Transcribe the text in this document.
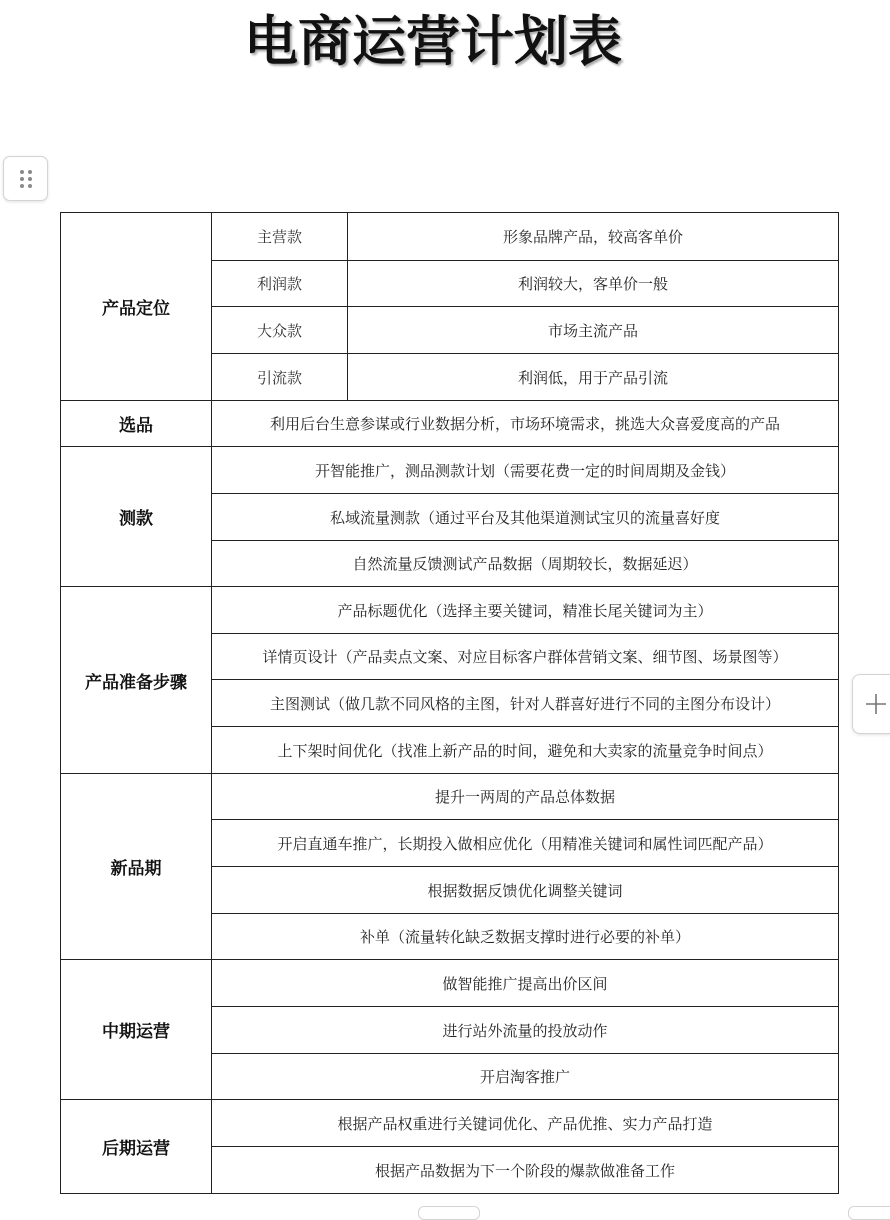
电商运营计划表
产品定位	主营款	形象品牌产品，较高客单价
	利润款	利润较大，客单价一般
	大众款	市场主流产品
	引流款	利润低，用于产品引流
选品	利用后台生意参谋或行业数据分析，市场环境需求，挑选大众喜爱度高的产品	
测款	开智能推广，测品测款计划（需要花费一定的时间周期及金钱）	
	私域流量测款（通过平台及其他渠道测试宝贝的流量喜好度	
	自然流量反馈测试产品数据（周期较长，数据延迟）	
产品准备步骤	产品标题优化（选择主要关键词，精准长尾关键词为主）	
	详情页设计（产品卖点文案、对应目标客户群体营销文案、细节图、场景图等）	
	主图测试（做几款不同风格的主图，针对人群喜好进行不同的主图分布设计）	
	上下架时间优化（找准上新产品的时间，避免和大卖家的流量竞争时间点）	
新品期	提升一两周的产品总体数据	
	开启直通车推广，长期投入做相应优化（用精准关键词和属性词匹配产品）	
	根据数据反馈优化调整关键词	
	补单（流量转化缺乏数据支撑时进行必要的补单）	
中期运营	做智能推广提高出价区间	
	进行站外流量的投放动作	
	开启淘客推广	
后期运营	根据产品权重进行关键词优化、产品优推、实力产品打造	
	根据产品数据为下一个阶段的爆款做准备工作	
